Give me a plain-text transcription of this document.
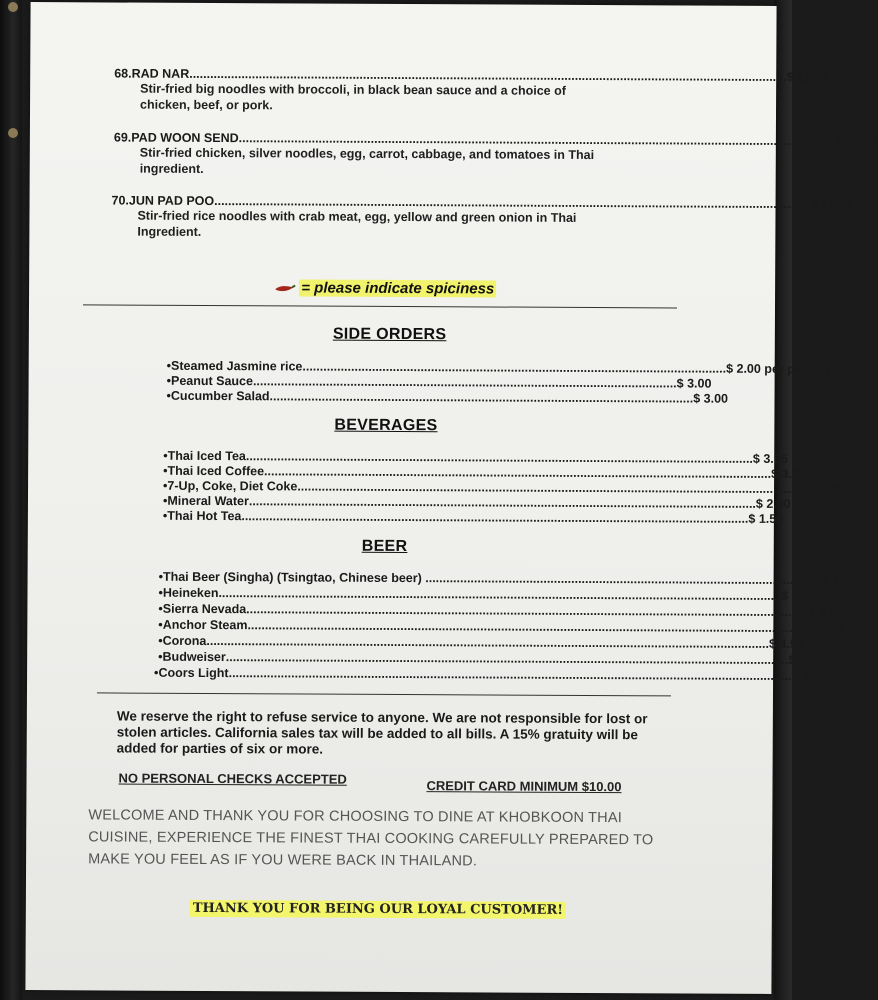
68. RAD NAR ............................................................................................................................................................................ $ 11.95
Stir-fried big noodles with broccoli, in black bean sauce and a choice of chicken, beef, or pork.
69. PAD WOON SEND ............................................................................................................................................................................ $ 10.95
Stir-fried chicken, silver noodles, egg, carrot, cabbage, and tomatoes in Thai ingredient.
70. JUN PAD POO ............................................................................................................................................................................ $ 11.95
Stir-fried rice noodles with crab meat, egg, yellow and green onion in Thai Ingredient.
= please indicate spiciness
SIDE ORDERS
• Steamed Jasmine rice .......................................................................................................................... $ 2.00 per person
• Peanut Sauce .......................................................................................................................... $ 3.00
• Cucumber Salad .......................................................................................................................... $ 3.00
BEVERAGES
• Thai Iced Tea .................................................................................................................................................. $ 3.95
• Thai Iced Coffee .................................................................................................................................................. $ 3.95
• 7-Up, Coke, Diet Coke .................................................................................................................................................. $ 1.50
• Mineral Water .................................................................................................................................................. $ 2.00
• Thai Hot Tea .................................................................................................................................................. $ 1.50
BEER
• Thai Beer (Singha) (Tsingtao, Chinese beer) .................................................................................................................. $ 4.50
• Heineken .................................................................................................................................................................. $ 3.50
• Sierra Nevada .................................................................................................................................................................. $ 3.50
• Anchor Steam .................................................................................................................................................................. $ 3.50
• Corona .................................................................................................................................................................. $ 3.50
• Budweiser .................................................................................................................................................................. $ 3.50
• Coors Light .................................................................................................................................................................. $ 3.50
We reserve the right to refuse service to anyone. We are not responsible for lost or stolen articles. California sales tax will be added to all bills. A 15% gratuity will be added for parties of six or more.
NO PERSONAL CHECKS ACCEPTED	CREDIT CARD MINIMUM $10.00
WELCOME AND THANK YOU FOR CHOOSING TO DINE AT KHOBKOON THAI CUISINE, EXPERIENCE THE FINEST THAI COOKING CAREFULLY PREPARED TO MAKE YOU FEEL AS IF YOU WERE BACK IN THAILAND.
THANK YOU FOR BEING OUR LOYAL CUSTOMER!
